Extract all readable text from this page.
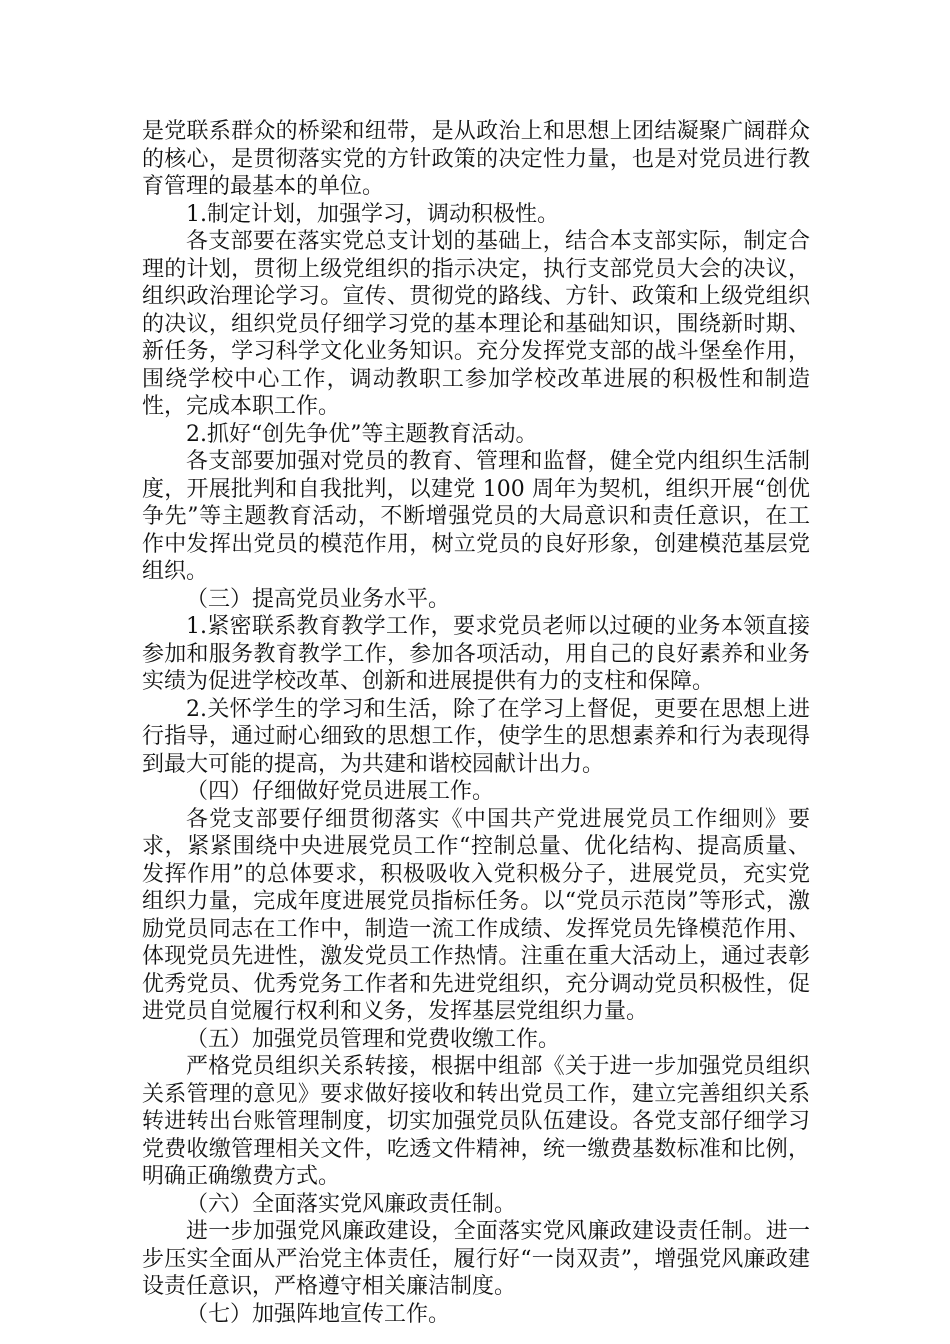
是党联系群众的桥梁和纽带，是从政治上和思想上团结凝聚广阔群众的核心，是贯彻落实党的方针政策的决定性力量，也是对党员进行教育管理的最基本的单位。

1.制定计划，加强学习，调动积极性。

各支部要在落实党总支计划的基础上，结合本支部实际，制定合理的计划，贯彻上级党组织的指示决定，执行支部党员大会的决议，组织政治理论学习。宣传、贯彻党的路线、方针、政策和上级党组织的决议，组织党员仔细学习党的基本理论和基础知识，围绕新时期、新任务，学习科学文化业务知识。充分发挥党支部的战斗堡垒作用，围绕学校中心工作，调动教职工参加学校改革进展的积极性和制造性，完成本职工作。

2.抓好“创先争优”等主题教育活动。

各支部要加强对党员的教育、管理和监督，健全党内组织生活制度，开展批判和自我批判，以建党 100 周年为契机，组织开展“创优争先”等主题教育活动，不断增强党员的大局意识和责任意识，在工作中发挥出党员的模范作用，树立党员的良好形象，创建模范基层党组织。

（三）提高党员业务水平。

1.紧密联系教育教学工作，要求党员老师以过硬的业务本领直接参加和服务教育教学工作，参加各项活动，用自己的良好素养和业务实绩为促进学校改革、创新和进展提供有力的支柱和保障。

2.关怀学生的学习和生活，除了在学习上督促，更要在思想上进行指导，通过耐心细致的思想工作，使学生的思想素养和行为表现得到最大可能的提高，为共建和谐校园献计出力。

（四）仔细做好党员进展工作。

各党支部要仔细贯彻落实《中国共产党进展党员工作细则》要求，紧紧围绕中央进展党员工作“控制总量、优化结构、提高质量、发挥作用”的总体要求，积极吸收入党积极分子，进展党员，充实党组织力量，完成年度进展党员指标任务。以“党员示范岗”等形式，激励党员同志在工作中，制造一流工作成绩、发挥党员先锋模范作用、体现党员先进性，激发党员工作热情。注重在重大活动上，通过表彰优秀党员、优秀党务工作者和先进党组织，充分调动党员积极性，促进党员自觉履行权利和义务，发挥基层党组织力量。

（五）加强党员管理和党费收缴工作。

严格党员组织关系转接，根据中组部《关于进一步加强党员组织关系管理的意见》要求做好接收和转出党员工作，建立完善组织关系转进转出台账管理制度，切实加强党员队伍建设。各党支部仔细学习党费收缴管理相关文件，吃透文件精神，统一缴费基数标准和比例，明确正确缴费方式。

（六）全面落实党风廉政责任制。

进一步加强党风廉政建设，全面落实党风廉政建设责任制。进一步压实全面从严治党主体责任，履行好“一岗双责”，增强党风廉政建设责任意识，严格遵守相关廉洁制度。

（七）加强阵地宣传工作。
